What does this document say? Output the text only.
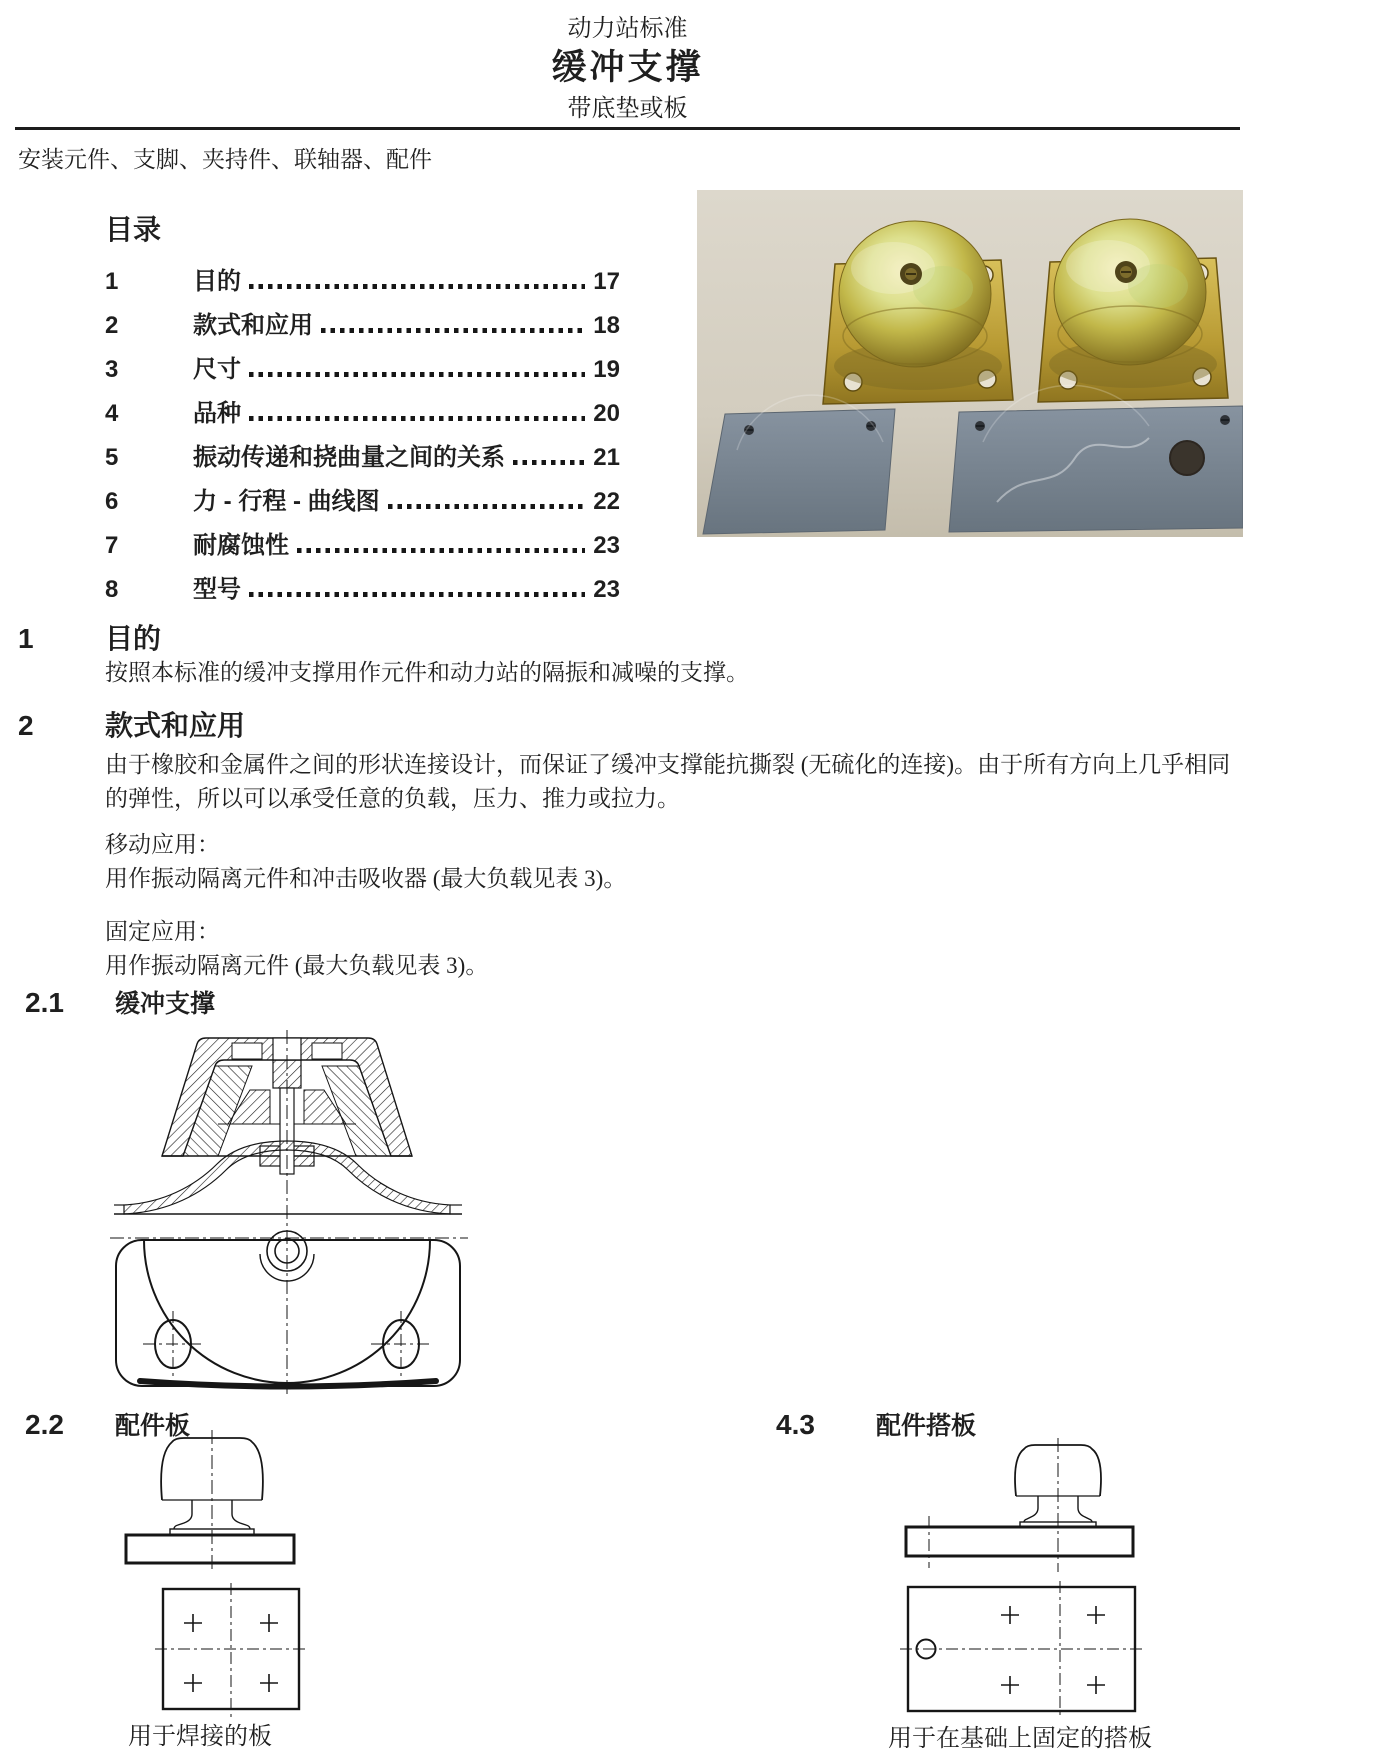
动力站标准
缓冲支撑
带底垫或板
安装元件、支脚、夹持件、联轴器、配件
目录
1	目的	17
2	款式和应用	18
3	尺寸	19
4	品种	20
5	振动传递和挠曲量之间的关系	21
6	力 - 行程 - 曲线图	22
7	耐腐蚀性	23
8	型号	23
1	目的
按照本标准的缓冲支撑用作元件和动力站的隔振和减噪的支撑。
2	款式和应用
由于橡胶和金属件之间的形状连接设计，而保证了缓冲支撑能抗撕裂 (无硫化的连接)。由于所有方向上几乎相同的弹性，所以可以承受任意的负载，压力、推力或拉力。
移动应用：
用作振动隔离元件和冲击吸收器 (最大负载见表 3)。
固定应用：
用作振动隔离元件 (最大负载见表 3)。
2.1 缓冲支撑
2.2 配件板
用于焊接的板
4.3 配件搭板
用于在基础上固定的搭板
